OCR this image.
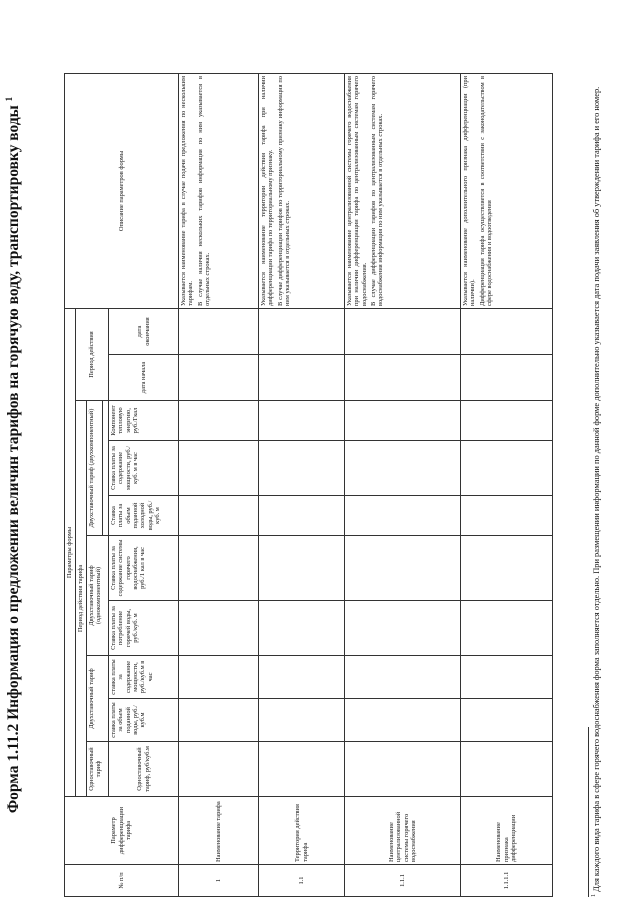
Форма 1.11.2 Информация о предложении величин тарифов на горячую воду, транспортировку воды $^1$
№ п/п	Параметр дифференциации тарифа	Параметры формы										Описание параметров формы
		Период действия тарифа								Период действия		
		Одноставочный тариф	Двухставочный тариф		Двухставочный тариф (однокомпонентный)		Двухставочный тариф (двухкомпонентный)					

		Одноставочный тариф, руб/куб.м	ставка платы за объем поданной воды, руб./куб.м	ставка платы за содержание мощности, руб./куб.м в час	Ставка платы за потребление горячей воды, руб./куб. м	Ставка платы за содержание системы горячего водоснабжения, руб./1 кал в час	Ставка платы за объем поданной холодной воды, руб./куб. м	Ставка платы за содержание мощности, руб./куб. м в час	Компонент тепловую энергию, руб./Гкал	дата начала	дата окончания	
1	Наименование тарифа											Указывается наименование тарифа в случае подачи предложения по нескольким тарифам. В случае наличия нескольких тарифов информация по ним указывается в отдельных строках.

1.1	Территория действия тарифа											Указывается наименование территории действия тарифа при наличии дифференциации тарифа по территориальному признаку. В случае дифференциации тарифов по территориальному признаку информация по ним указывается в отдельных строках.

1.1.1	Наименование централизованной системы горячего водоснабжения											Указывается наименование централизованной системы горячего водоснабжения при наличии дифференциации тарифа по централизованным системам горячего водоснабжения. В случае дифференциации тарифов по централизованным системам горячего водоснабжения информация по ним указывается в отдельных строках.

1.1.1.1	Наименование признака дифференциации											Указывается наименование дополнительного признака дифференциации (при наличии). Дифференциация тарифа осуществляется в соответствии с законодательством в сфере водоснабжения и водоотведения

$^1$ Для каждого вида тарифа в сфере горячего водоснабжения форма заполняется отдельно. При размещении информации по данной форме дополнительно указывается дата подачи заявления об утверждении тарифа и его номер.
